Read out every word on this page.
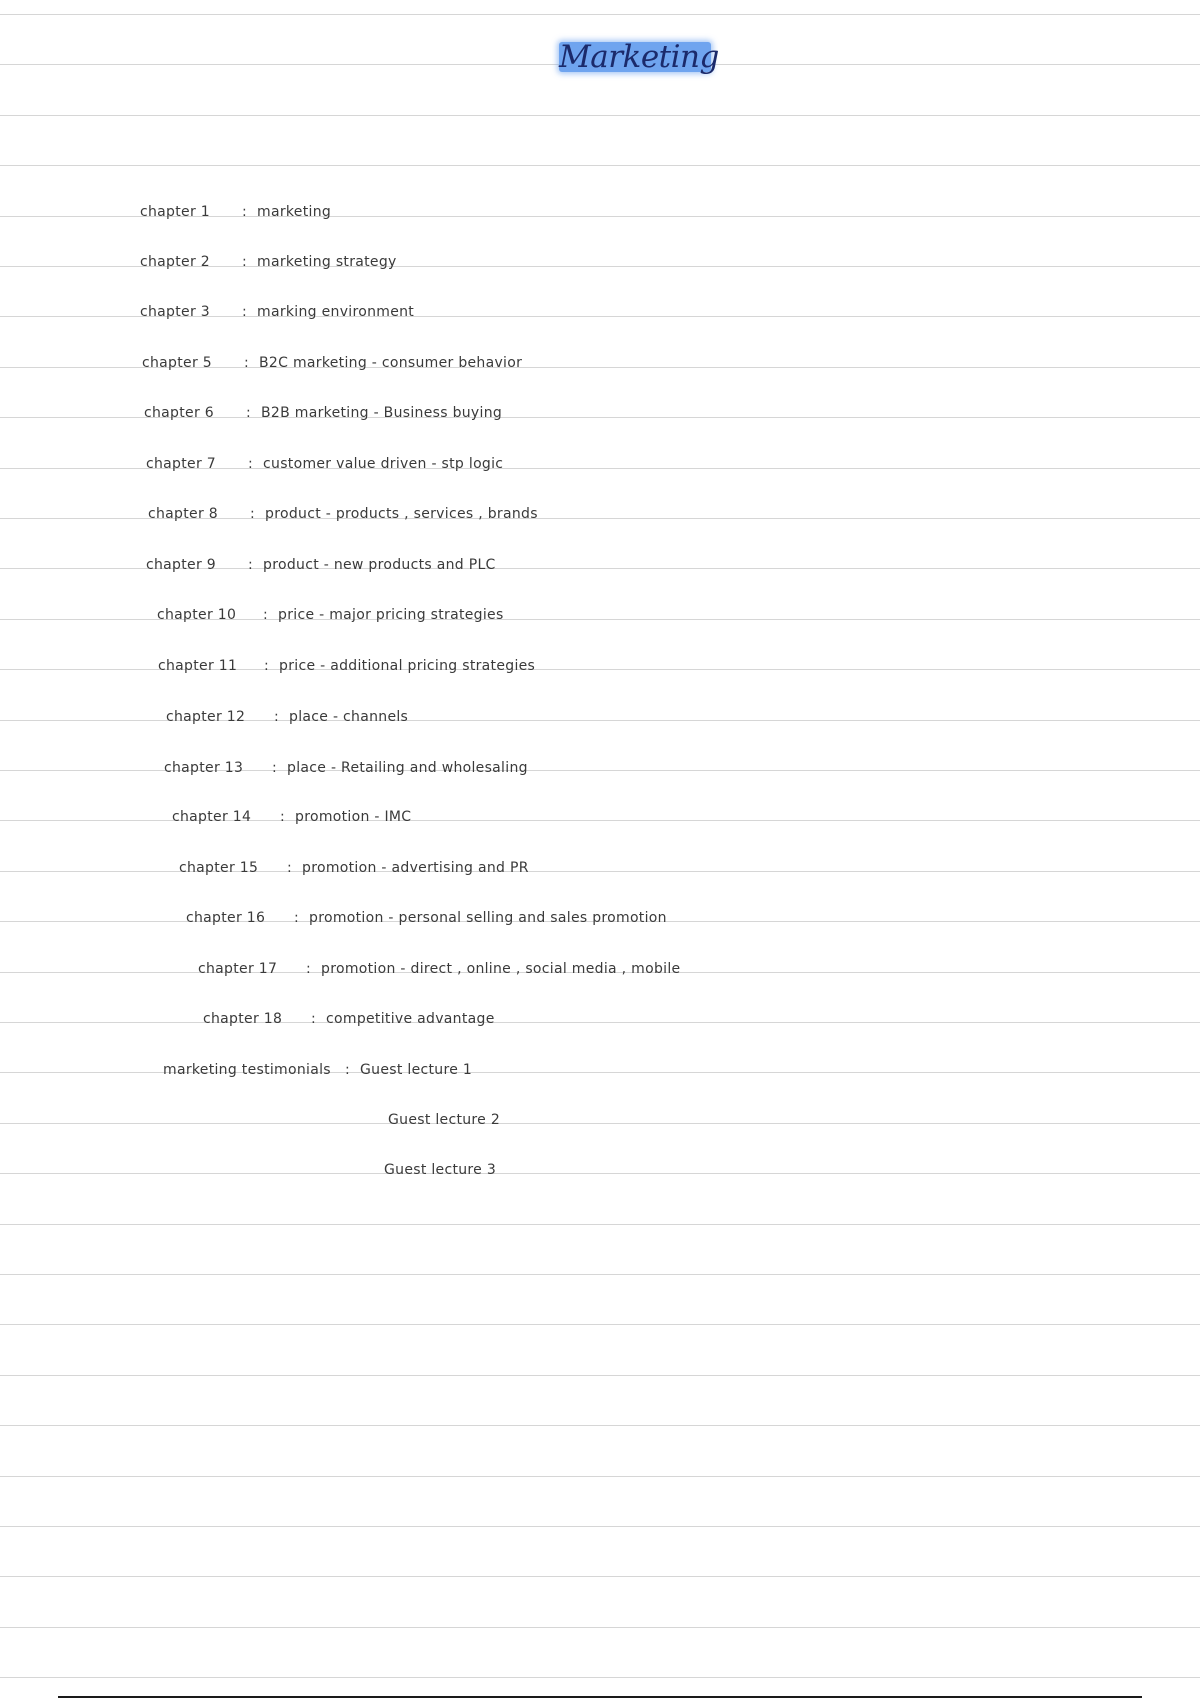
Marketing
chapter 1 : marketing
chapter 2 : marketing strategy
chapter 3 : marking environment
chapter 5 : B2C marketing - consumer behavior
chapter 6 : B2B marketing - Business buying
chapter 7 : customer value driven - stp logic
chapter 8 : product - products , services , brands
chapter 9 : product - new products and PLC
chapter 10 : price - major pricing strategies
chapter 11 : price - additional pricing strategies
chapter 12 : place - channels
chapter 13 : place - Retailing and wholesaling
chapter 14 : promotion - IMC
chapter 15 : promotion - advertising and PR
chapter 16 : promotion - personal selling and sales promotion
chapter 17 : promotion - direct , online , social media , mobile
chapter 18 : competitive advantage
marketing testimonials : Guest lecture 1
Guest lecture 2
Guest lecture 3
